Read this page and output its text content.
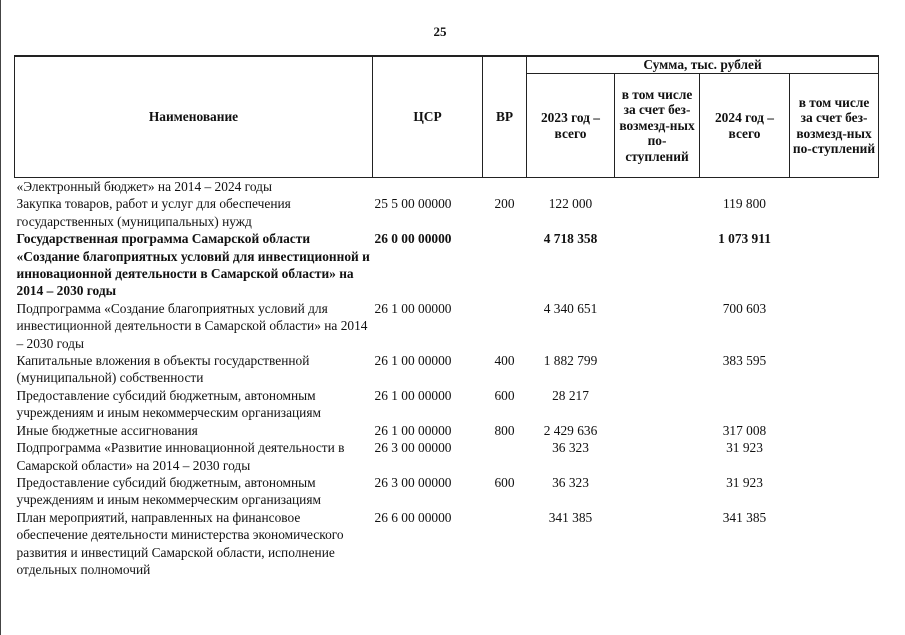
25
Наименование	ЦСР	ВР	Сумма, тыс. рублей			
			2023 год – всего	в том числе за счет без-возмезд-ных по-ступлений	2024 год – всего	в том числе за счет без-возмезд-ных по-ступлений
«Электронный бюджет» на 2014 – 2024 годы						
Закупка товаров, работ и услуг для обеспечения государственных (муниципальных) нужд	25 5 00 00000	200	122 000		119 800	
Государственная программа Самарской области «Создание благоприятных условий для инвестиционной и инновационной деятельности в Самарской области» на 2014 – 2030 годы	26 0 00 00000		4 718 358		1 073 911	
Подпрограмма «Создание благоприятных условий для инвестиционной деятельности в Самарской области» на 2014 – 2030 годы	26 1 00 00000		4 340 651		700 603	
Капитальные вложения в объекты государственной (муниципальной) собственности	26 1 00 00000	400	1 882 799		383 595	
Предоставление субсидий бюджетным, автономным учреждениям и иным некоммерческим организациям	26 1 00 00000	600	28 217			
Иные бюджетные ассигнования	26 1 00 00000	800	2 429 636		317 008	
Подпрограмма «Развитие инновационной деятельности в Самарской области» на 2014 – 2030 годы	26 3 00 00000		36 323		31 923	
Предоставление субсидий бюджетным, автономным учреждениям и иным некоммерческим организациям	26 3 00 00000	600	36 323		31 923	
План мероприятий, направленных на финансовое обеспечение деятельности министерства экономического развития и инвестиций Самарской области, исполнение отдельных полномочий	26 6 00 00000		341 385		341 385	
